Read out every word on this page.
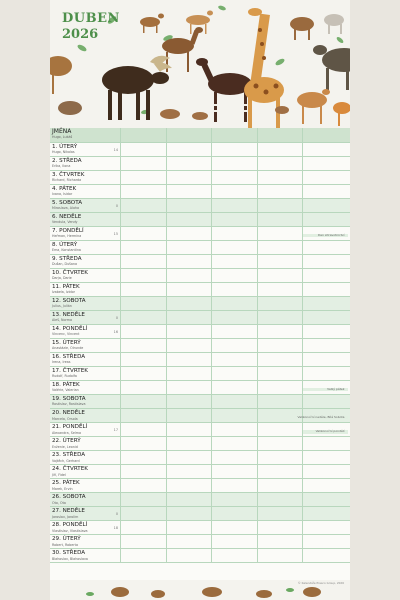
DUBEN
2026
JMÉNA
Hugo, Lukáš
1. ÚTERÝ
Hugo, Nikolas
14
2. STŘEDA
Erika, Ilona
3. ČTVRTEK
Richard, Richarda
4. PÁTEK
Ivana, Isidor
5. SOBOTA
Miroslava, Aloha
0
6. NEDĚLE
Vendula, Vendy
7. PONDĚLÍ
Heřman, Hermína
15	Den zdravotnictví
8. ÚTERÝ
Ema, Konstantina
9. STŘEDA
Dušan, Dušana
10. ČTVRTEK
Darja, Darie
11. PÁTEK
Izabela, Izidor
12. SOBOTA
Julius, Julián
13. NEDĚLE
Aleš, Norma
0
14. PONDĚLÍ
Vincenc, Vincent
16
15. ÚTERÝ
Anastázie, Olrunde
16. STŘEDA
Irena, Ireas
17. ČTVRTEK
Rudolf, Rudolfa
18. PÁTEK
Valérie, Valerian	Velký pátek
19. SOBOTA
Rostislav, Rostislava
20. NEDĚLE
Marcela, Orsola	Velikonoční neděle, Bílá Sobota
21. PONDĚLÍ
Alexandra, Selma
17	Velikonoční pondělí
22. ÚTERÝ
Evženie, Leonid
23. STŘEDA
Vojtěch, Gerhard
24. ČTVRTEK
Jiří, Fidel
25. PÁTEK
Marek, Ervin
26. SOBOTA
Oto, Ota
27. NEDĚLE
Jaroslav, Jarolím
0
28. PONDĚLÍ
Vlastislav, Vlastislava
18
29. ÚTERÝ
Robert, Roberta
30. STŘEDA
Blahoslav, Blahoslava
© Kalendáře Presco Group, 2026
